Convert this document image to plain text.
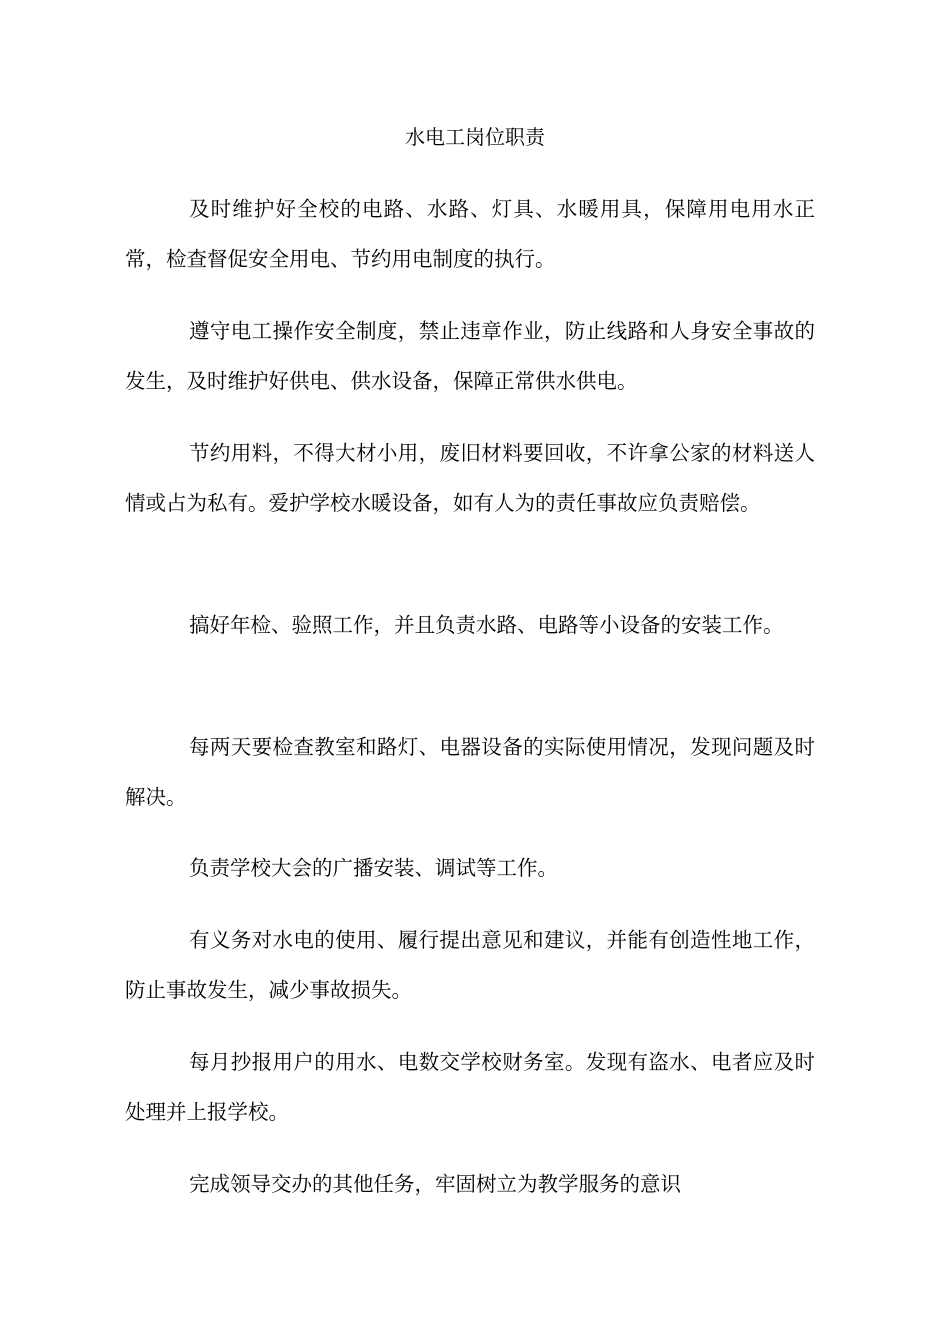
水电工岗位职责

及时维护好全校的电路、水路、灯具、水暖用具，保障用电用水正常，检查督促安全用电、节约用电制度的执行。

遵守电工操作安全制度，禁止违章作业，防止线路和人身安全事故的发生，及时维护好供电、供水设备，保障正常供水供电。

节约用料，不得大材小用，废旧材料要回收，不许拿公家的材料送人情或占为私有。爱护学校水暖设备，如有人为的责任事故应负责赔偿。

搞好年检、验照工作，并且负责水路、电路等小设备的安装工作。

每两天要检查教室和路灯、电器设备的实际使用情况，发现问题及时解决。

负责学校大会的广播安装、调试等工作。

有义务对水电的使用、履行提出意见和建议，并能有创造性地工作，防止事故发生，减少事故损失。

每月抄报用户的用水、电数交学校财务室。发现有盗水、电者应及时处理并上报学校。

完成领导交办的其他任务，牢固树立为教学服务的意识
